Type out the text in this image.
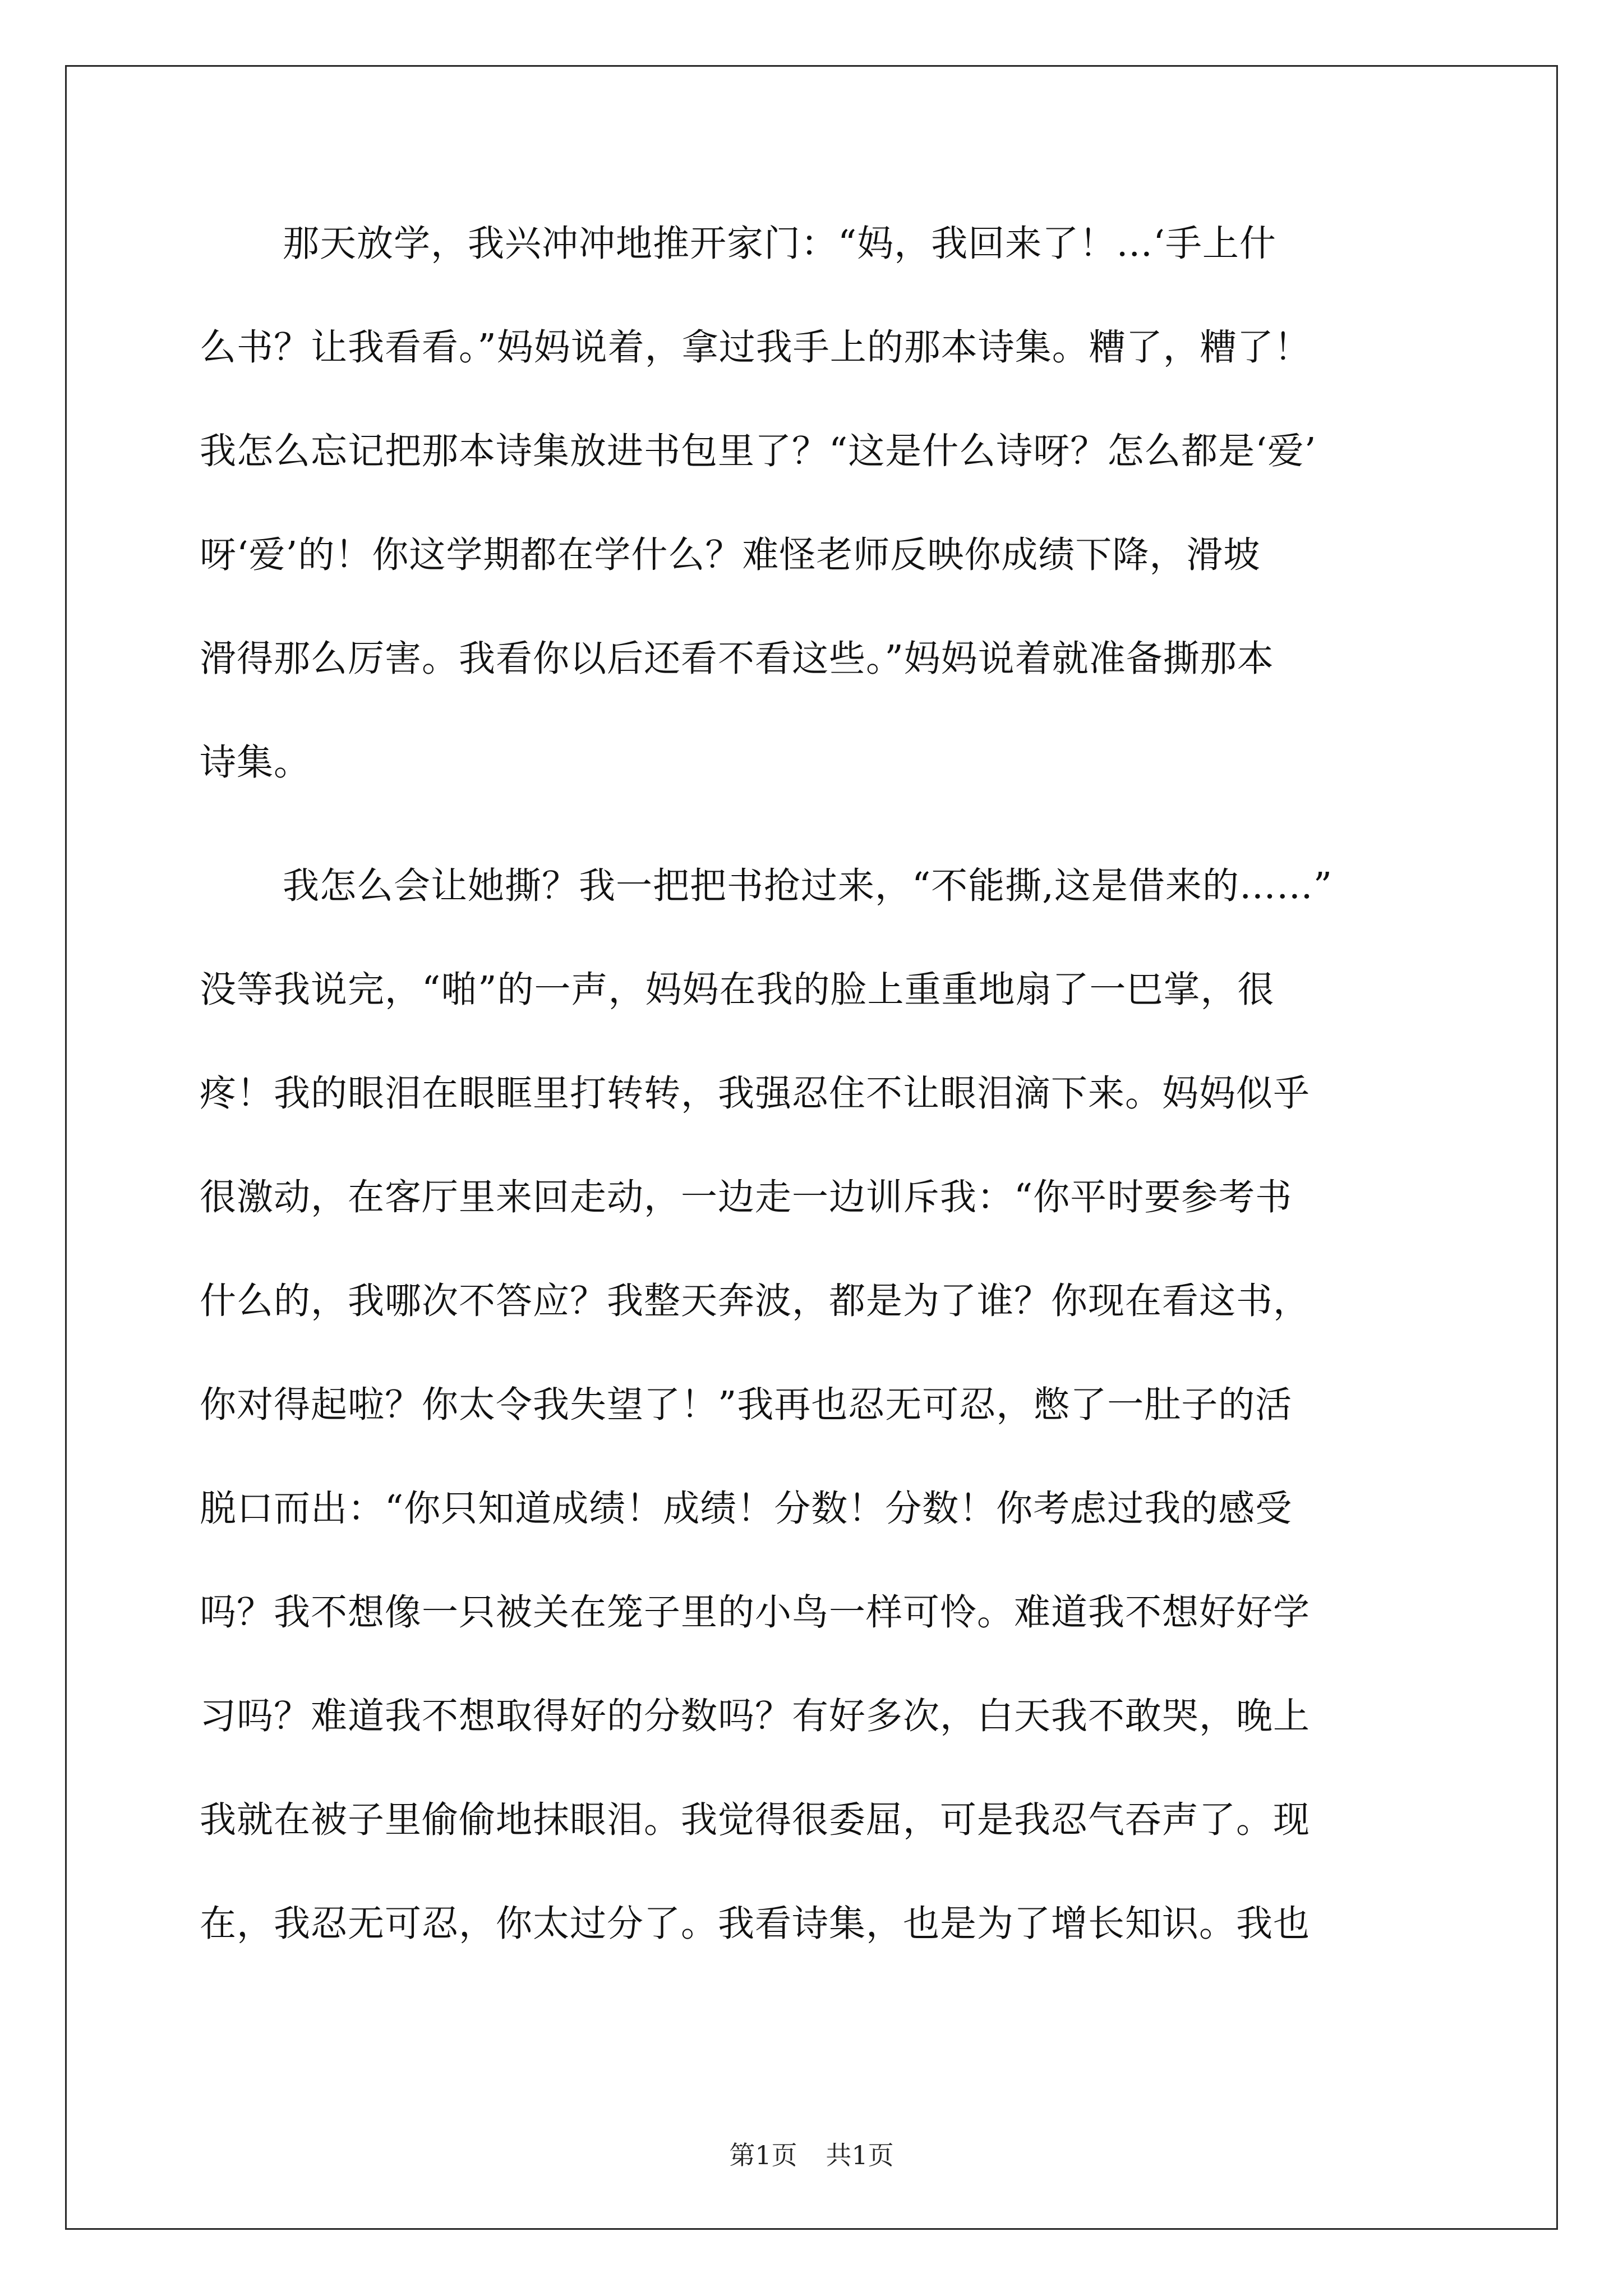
那天放学，我兴冲冲地推开家门：“妈，我回来了！…‘手上什
么书？让我看看。”妈妈说着，拿过我手上的那本诗集。糟了，糟了！
我怎么忘记把那本诗集放进书包里了？“这是什么诗呀？怎么都是‘爱’
呀‘爱’的！你这学期都在学什么？难怪老师反映你成绩下降，滑坡
滑得那么厉害。我看你以后还看不看这些。”妈妈说着就准备撕那本
诗集。
我怎么会让她撕？我一把把书抢过来，“不能撕,这是借来的……”
没等我说完，“啪”的一声，妈妈在我的脸上重重地扇了一巴掌，很
疼！我的眼泪在眼眶里打转转，我强忍住不让眼泪滴下来。妈妈似乎
很激动，在客厅里来回走动，一边走一边训斥我：“你平时要参考书
什么的，我哪次不答应？我整天奔波，都是为了谁？你现在看这书，
你对得起啦？你太令我失望了！”我再也忍无可忍，憋了一肚子的活
脱口而出：“你只知道成绩！成绩！分数！分数！你考虑过我的感受
吗？我不想像一只被关在笼子里的小鸟一样可怜。难道我不想好好学
习吗？难道我不想取得好的分数吗？有好多次，白天我不敢哭，晚上
我就在被子里偷偷地抹眼泪。我觉得很委屈，可是我忍气吞声了。现
在，我忍无可忍，你太过分了。我看诗集，也是为了增长知识。我也
第1页 共1页
